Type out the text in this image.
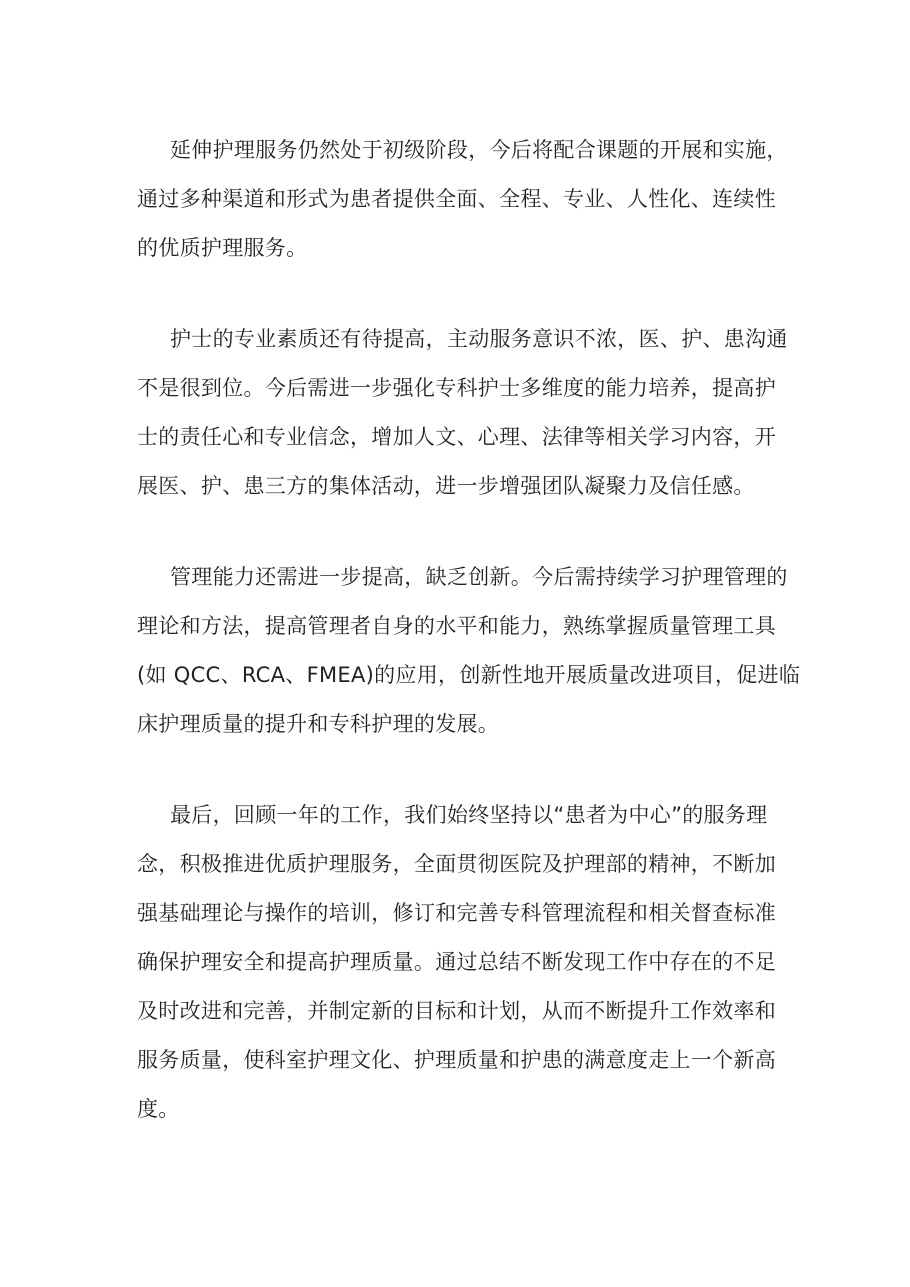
延伸护理服务仍然处于初级阶段，今后将配合课题的开展和实施，
通过多种渠道和形式为患者提供全面、全程、专业、人性化、连续性
的优质护理服务。
护士的专业素质还有待提高，主动服务意识不浓，医、护、患沟通
不是很到位。今后需进一步强化专科护士多维度的能力培养，提高护
士的责任心和专业信念，增加人文、心理、法律等相关学习内容，开
展医、护、患三方的集体活动，进一步增强团队凝聚力及信任感。
管理能力还需进一步提高，缺乏创新。今后需持续学习护理管理的
理论和方法，提高管理者自身的水平和能力，熟练掌握质量管理工具
(如 QCC、RCA、FMEA)的应用，创新性地开展质量改进项目，促进临
床护理质量的提升和专科护理的发展。
最后，回顾一年的工作，我们始终坚持以“患者为中心”的服务理
念，积极推进优质护理服务，全面贯彻医院及护理部的精神，不断加
强基础理论与操作的培训，修订和完善专科管理流程和相关督查标准
确保护理安全和提高护理质量。通过总结不断发现工作中存在的不足
及时改进和完善，并制定新的目标和计划，从而不断提升工作效率和
服务质量，使科室护理文化、护理质量和护患的满意度走上一个新高
度。
